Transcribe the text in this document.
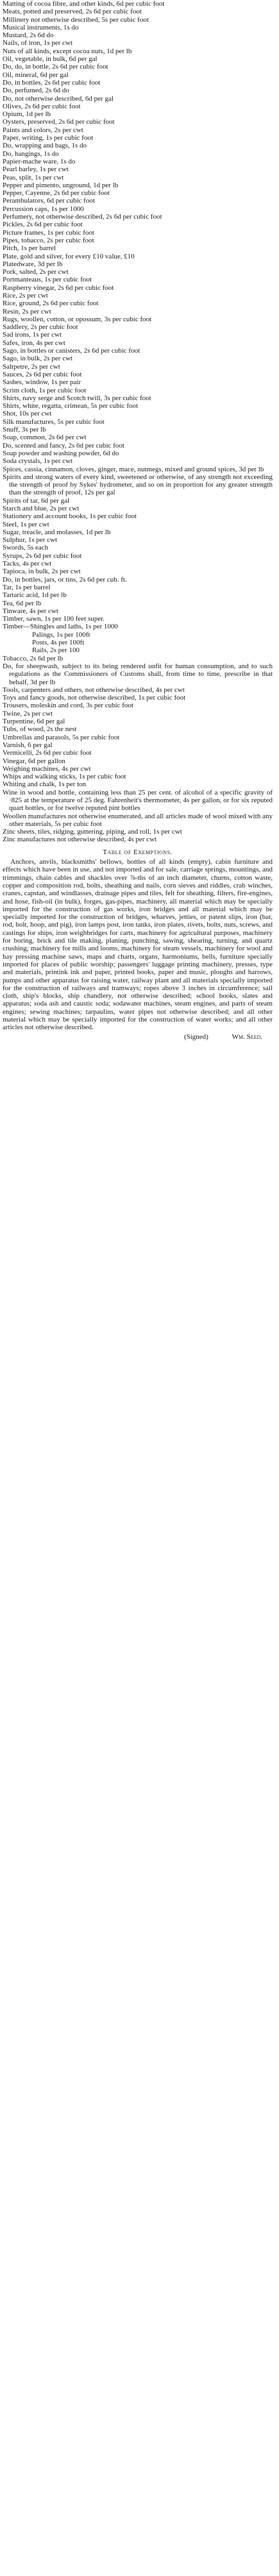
Matting of cocoa fibre, and other kinds, 6d per cubic foot

Meats, potted and preserved, 2s 6d per cubic foot

Millinery not otherwise described, 5s per cubic foot

Musical instruments, 1s do

Mustard, 2s 6d do

Nails, of iron, 1s per cwt

Nuts of all kinds, except cocoa nuts, 1d per lb

Oil, vegetable, in bulk, 6d per gal

Do, do, in bottle, 2s 6d per cubic foot

Oil, mineral, 6d per gal

Do, in bottles, 2s 6d per cubic foot

Do, perfumed, 2s 6d do

Do, not otherwise described, 6d per gal

Olives, 2s 6d per cubic foot

Opium, 1d per lb

Oysters, preserved, 2s 6d per cubic foot

Paints and colors, 2s per cwt

Paper, writing, 1s per cubic foot

Do, wrapping and bags, 1s do

Do, hangings, 1s do

Papier-mache ware, 1s do

Pearl barley, 1s per cwt

Peas, split, 1s per cwt

Pepper and pimento, unground, 1d per lb

Pepper, Cayenne, 2s 6d per cubic foot

Perambulators, 6d per cubic foot

Percussion caps, 1s per 1000

Perfumery, not otherwise described, 2s 6d per cubic foot

Pickles, 2s 6d per cubic foot

Picture frames, 1s per cubic foot

Pipes, tobacco, 2s per cubic foot

Pitch, 1s per barrel

Plate, gold and silver, for every £10 value, £10

Platedware, 3d per lb

Pork, salted, 2s per cwt

Portmanteaus, 1s per cubic foot

Raspberry vinegar, 2s 6d per cubic foot

Rice, 2s per cwt

Rice, ground, 2s 6d per cubic foot

Resin, 2s per cwt

Rugs, woollen, cotton, or opossum, 3s per cubic foot

Saddlery, 2s per cubic foot

Sad irons, 1s per cwt

Safes, iron, 4s per cwt

Sago, in bottles or canisters, 2s 6d per cubic foot

Sago, in bulk, 2s per cwt

Saltpetre, 2s per cwt

Sauces, 2s 6d per cubic foot

Sashes, window, 1s per pair

Scrim cloth, 1s per cubic foot

Shirts, navy serge and Scotch twill, 3s per cubic foot

Shirts, white, regatta, crimean, 5s per cubic foot

Shot, 10s per cwt

Silk manufactures, 5s per cubic foot

Snuff, 3s per lb

Soap, common, 2s 6d per cwt

Do, scented and fancy, 2s 6d per cubic foot

Soap powder and washing powder, 6d do

Soda crystals, 1s per cwt

Spices, cassia, cinnamon, cloves, ginger, mace, nutmegs, mixed and ground spices, 3d per lb

Spirits and strong waters of every kind, sweetened or otherwise, of any strength not exceeding the strength of proof by Sykes' hydrometer, and so on in proportion for any greater strength than the strength of proof, 12s per gal

Spirits of tar, 6d per gal

Starch and blue, 2s per cwt

Stationery and account books, 1s per cubic foot

Steel, 1s per cwt

Sugar, treacle, and molasses, 1d per lb

Sulphur, 1s per cwt

Swords, 5s each

Syrups, 2s 6d per cubic foot

Tacks, 4s per cwt

Tapioca, in bulk, 2s per cwt

Do, in bottles, jars, or tins, 2s 6d per cub. ft.

Tar, 1s per barrel

Tartaric acid, 1d per lb

Tea, 6d per lb

Tinware, 4s per cwt

Timber, sawn, 1s per 100 feet super.

Timber—Shingles and laths, 1s per 1000

Palings, 1s per 100ft

Posts, 4s per 100ft

Rails, 2s per 100

Tobacco, 2s 6d per lb

Do, for sheepwash, subject to its being rendered unfit for human consumption, and to such regulations as the Commissioners of Customs shall, from time to time, prescribe in that behalf, 3d per lb

Tools, carpenters and others, not otherwise described, 4s per cwt

Toys and fancy goods, not otherwise described, 1s per cubic foot

Trousers, moleskin and cord, 3s per cubic foot

Twine, 2s per cwt

Turpentine, 6d per gal

Tubs, of wood, 2s the nest

Umbrellas and parasols, 5s per cubic foot

Varnish, 6 per gal

Vermicelli, 2s 6d per cubic foot

Vinegar, 6d per gallon

Weighing machines, 4s per cwt

Whips and walking sticks, 1s per cubic foot

Whiting and chalk, 1s per ton

Wine in wood and bottle, containing less than 25 per cent. of alcohol of a specific gravity of ·825 at the temperature of 25 deg. Fahrenheit's thermometer, 4s per gallon, or for six reputed quart bottles, or for twelve reputed pint bottles

Woollen manufactures not otherwise enumerated, and all articles made of wool mixed with any other materials, 5s per cubic foot

Zinc sheets, tiles, ridging, guttering, piping, and roll, 1s per cwt

Zinc manufactures not otherwise described, 4s per cwt

Table of Exemptions.

Anchors, anvils, blacksmiths' bellows, bottles of all kinds (empty), cabin furniture and effects which have been in use, and not imported and for sale, carriage springs, mountings, and trimmings, chain cables and shackles over ⅞-ths of an inch diameter, churns, cotton waste, copper and composition rod, bolts, sheathing and nails, corn sieves and riddles, crab winches, cranes, capstan, and windlasses, drainage pipes and tiles, felt for sheathing, filters, fire-engines, and hose, fish-oil (in bulk), forges, gas-pipes, machinery, all material which may be specially imported for the construction of gas works, iron bridges and all material which may be specially imported for the construction of bridges, wharves, jetties, or patent slips, iron (bar, rod, bolt, hoop, and pig), iron lamps post, iron tanks, iron plates, rivets, bolts, nuts, screws, and castings for ships, iron weighbridges for carts, machinery for agricultural purposes, machinery for boring, brick and tile making, planing, punching, sawing, shearing, turning, and quartz crushing; machinery for mills and looms, machinery for steam vessels, machinery for wool and hay pressing machine saws, maps and charts, organs, harmoniums, bells, furniture specially imported for places of public worship; passengers' luggage printing machinery, presses, type and materials, printink ink and paper, printed books, paper and music, ploughs and harrows, pumps and other apparatus for raising water, railway plant and all materials specially imported for the construction of railways and tramways; ropes above 3 inches in circumference; sail cloth, ship's blocks, ship chandlery, not otherwise described; school books, slates and apparatus; soda ash and caustic soda; sodawater machines, steam engines, and parts of steam engines; sewing machines; tarpaulins, water pipes not otherwise described; and all other material which may be specially imported for the construction of water works; and all other articles not otherwise described.

(Signed)	Wm. Seed.
